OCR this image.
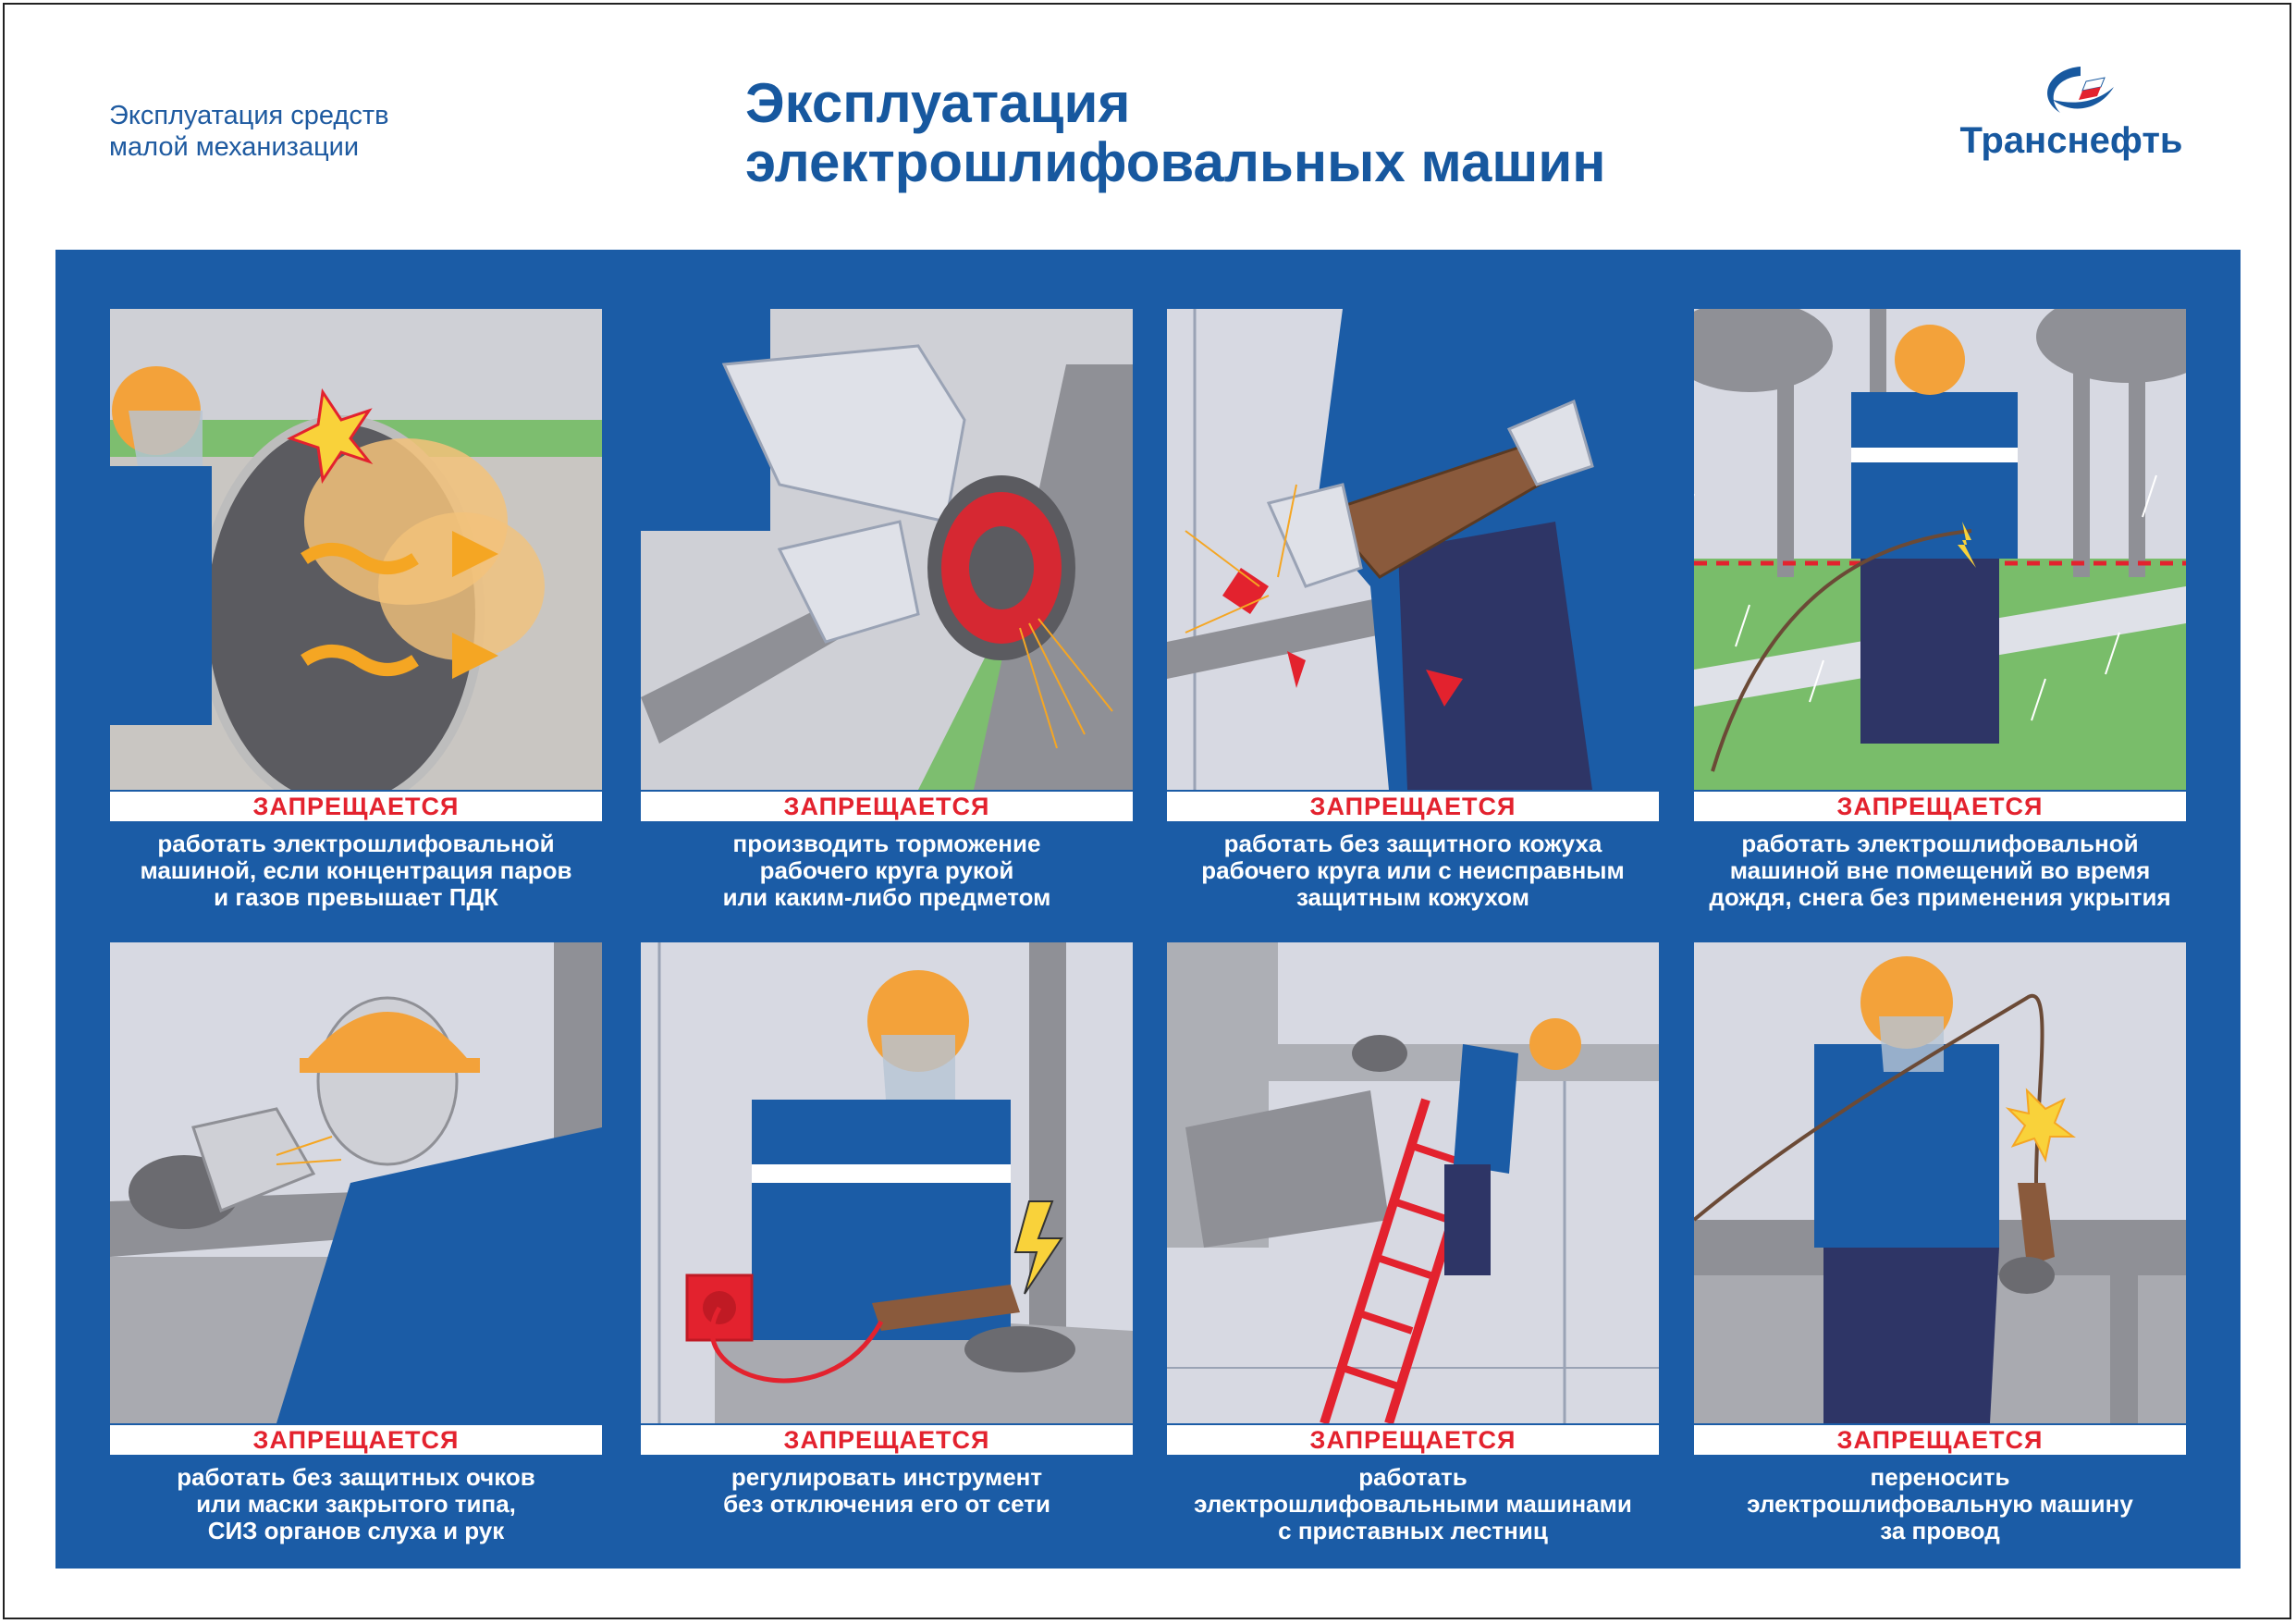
Эксплуатация средств
малой механизации
Эксплуатация
электрошлифовальных машин	Транснефть
ЗАПРЕЩАЕТСЯ
работать электрошлифовальной
машиной, если концентрация паров
и газов превышает ПДК
ЗАПРЕЩАЕТСЯ
производить торможение
рабочего круга рукой
или каким-либо предметом
ЗАПРЕЩАЕТСЯ
работать без защитного кожуха
рабочего круга или с неисправным
защитным кожухом
ЗАПРЕЩАЕТСЯ
работать электрошлифовальной
машиной вне помещений во время
дождя, снега без применения укрытия
ЗАПРЕЩАЕТСЯ
работать без защитных очков
или маски закрытого типа,
СИЗ органов слуха и рук
ЗАПРЕЩАЕТСЯ
регулировать инструмент
без отключения его от сети
ЗАПРЕЩАЕТСЯ
работать
электрошлифовальными машинами
с приставных лестниц
ЗАПРЕЩАЕТСЯ
переносить
электрошлифовальную машину
за провод
